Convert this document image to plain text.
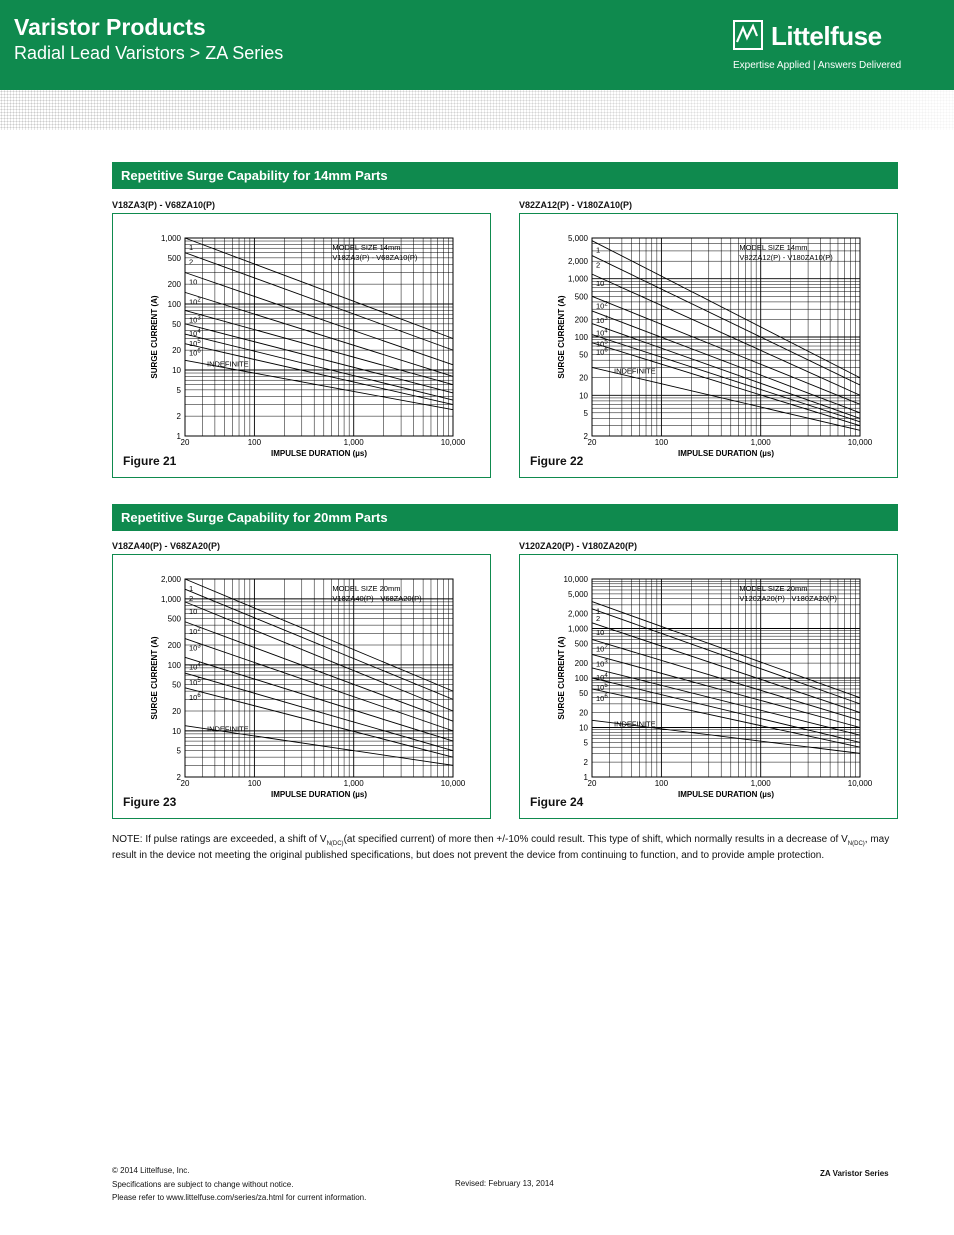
Varistor Products
Radial Lead Varistors > ZA Series
Littelfuse
Expertise Applied | Answers Delivered
Repetitive Surge Capability for 14mm Parts
Repetitive Surge Capability for 20mm Parts
V18ZA3(P) - V68ZA10(P)	V82ZA12(P) - V180ZA10(P)
V18ZA40(P) - V68ZA20(P)	V120ZA20(P) - V180ZA20(P)
20	100	1,000	10,000
1
2
5
10
20
50
100
200
500
1,000
IMPULSE DURATION (µs)
SURGE CURRENT (A)
MODEL SIZE 14mm
V18ZA3(P) - V68ZA10(P)
1
2
10
$10^2$
$10^3$
$10^4$
$10^5$
$10^6$
INDEFINITE
Figure 21
20	100	1,000	10,000
2
5
10
20
50
100
200
500
1,000
2,000
5,000
IMPULSE DURATION (µs)
SURGE CURRENT (A)
MODEL SIZE 14mm
V82ZA12(P) - V180ZA10(P)
1
2
10
$10^2$
$10^3$
$10^4$
$10^5$
$10^6$
INDEFINITE
Figure 22
20	100	1,000	10,000
2
5
10
20
50
100
200
500
1,000
2,000
IMPULSE DURATION (µs)
SURGE CURRENT (A)
MODEL SIZE 20mm
V18ZA40(P) - V68ZA20(P)
1
2
10
$10^2$
$10^3$
$10^4$
$10^5$
$10^6$
INDEFINITE
Figure 23
20	100	1,000	10,000
1
2
5
10
20
50
100
200
500
1,000
2,000
5,000
10,000
IMPULSE DURATION (µs)
SURGE CURRENT (A)
MODEL SIZE 20mm
V120ZA20(P) - V180ZA20(P)
1
2
10
$10^2$
$10^3$
$10^4$
$10^5$
$10^6$
INDEFINITE
Figure 24
NOTE: If pulse ratings are exceeded, a shift of $V_{N(DC)}(at$ specified current) of more then +/-10% could result. This type of shift, which normally results in a decrease of $V_{N(DC)}$, may result in the device not meeting the original published specifications, but does not prevent the device from continuing to function, and to provide ample protection.
© 2014 Littelfuse, Inc.
Specifications are subject to change without notice.
Please refer to www.littelfuse.com/series/za.html for current information.
Revised: February 13, 2014
ZA Varistor Series
